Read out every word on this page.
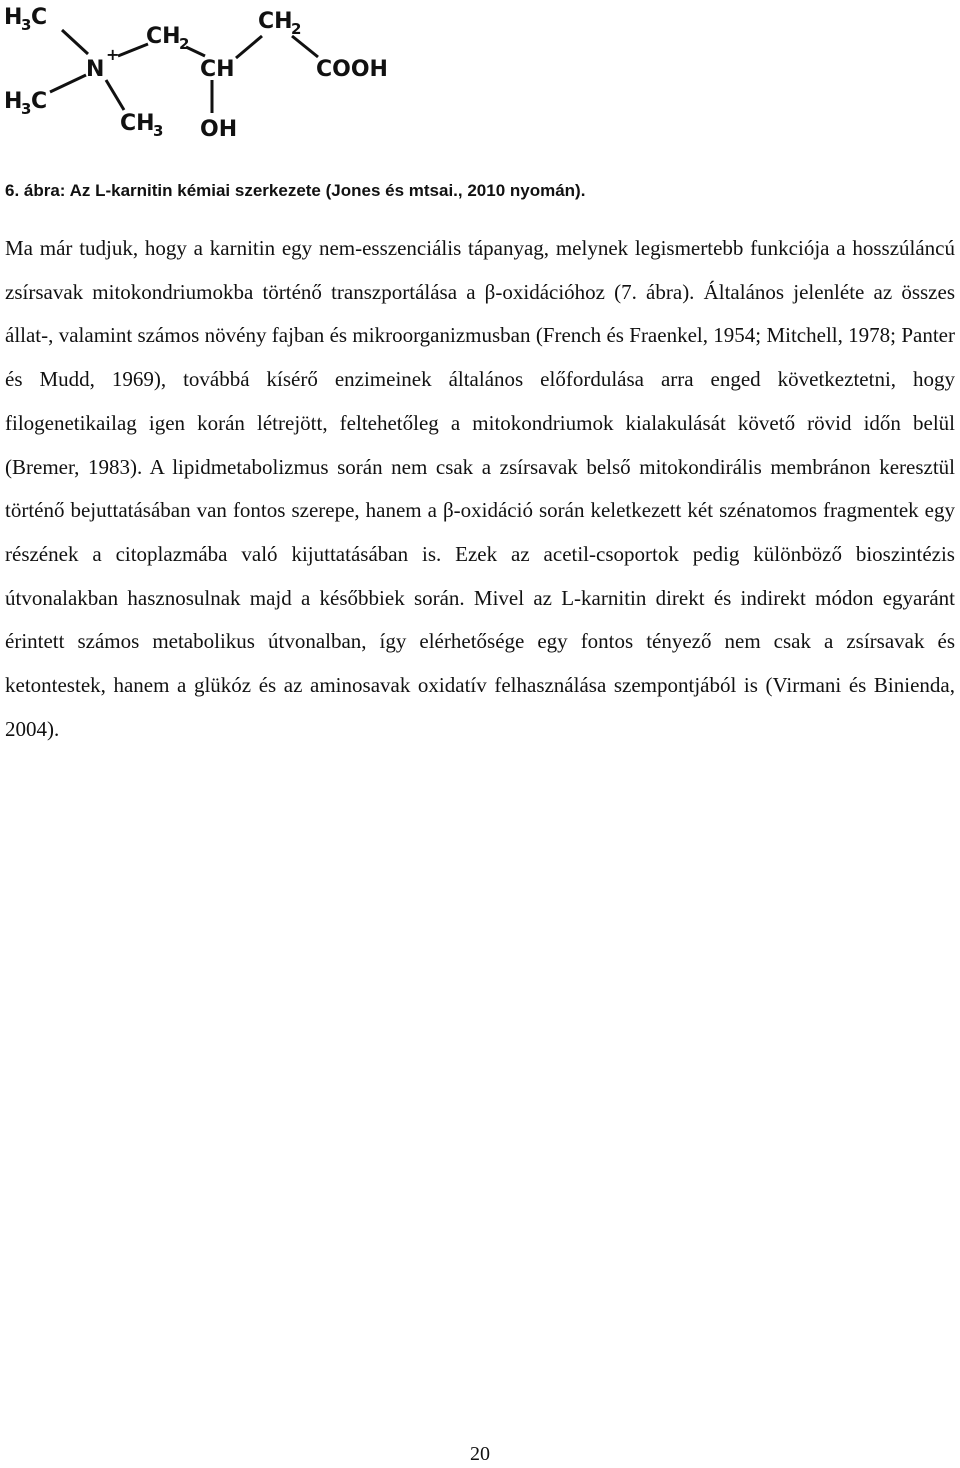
H
3 C
H
3 C
N
+
CH
3
CH
2
CH
OH
CH
2
COOH

6. ábra: Az L-karnitin kémiai szerkezete (Jones és mtsai., 2010 nyomán).

Ma már tudjuk, hogy a karnitin egy nem-esszenciális tápanyag, melynek legismertebb funkciója a hosszúláncú zsírsavak mitokondriumokba történő transzportálása a β-oxidációhoz (7. ábra). Általános jelenléte az összes állat-, valamint számos növény fajban és mikroorganizmusban (French és Fraenkel, 1954; Mitchell, 1978; Panter és Mudd, 1969), továbbá kísérő enzimeinek általános előfordulása arra enged következtetni, hogy filogenetikailag igen korán létrejött, feltehetőleg a mitokondriumok kialakulását követő rövid időn belül (Bremer, 1983). A lipidmetabolizmus során nem csak a zsírsavak belső mitokondirális membránon keresztül történő bejuttatásában van fontos szerepe, hanem a β-oxidáció során keletkezett két szénatomos fragmentek egy részének a citoplazmába való kijuttatásában is. Ezek az acetil-csoportok pedig különböző bioszintézis útvonalakban hasznosulnak majd a későbbiek során. Mivel az L-karnitin direkt és indirekt módon egyaránt érintett számos metabolikus útvonalban, így elérhetősége egy fontos tényező nem csak a zsírsavak és ketontestek, hanem a glükóz és az aminosavak oxidatív felhasználása szempontjából is (Virmani és Binienda, 2004).

20
